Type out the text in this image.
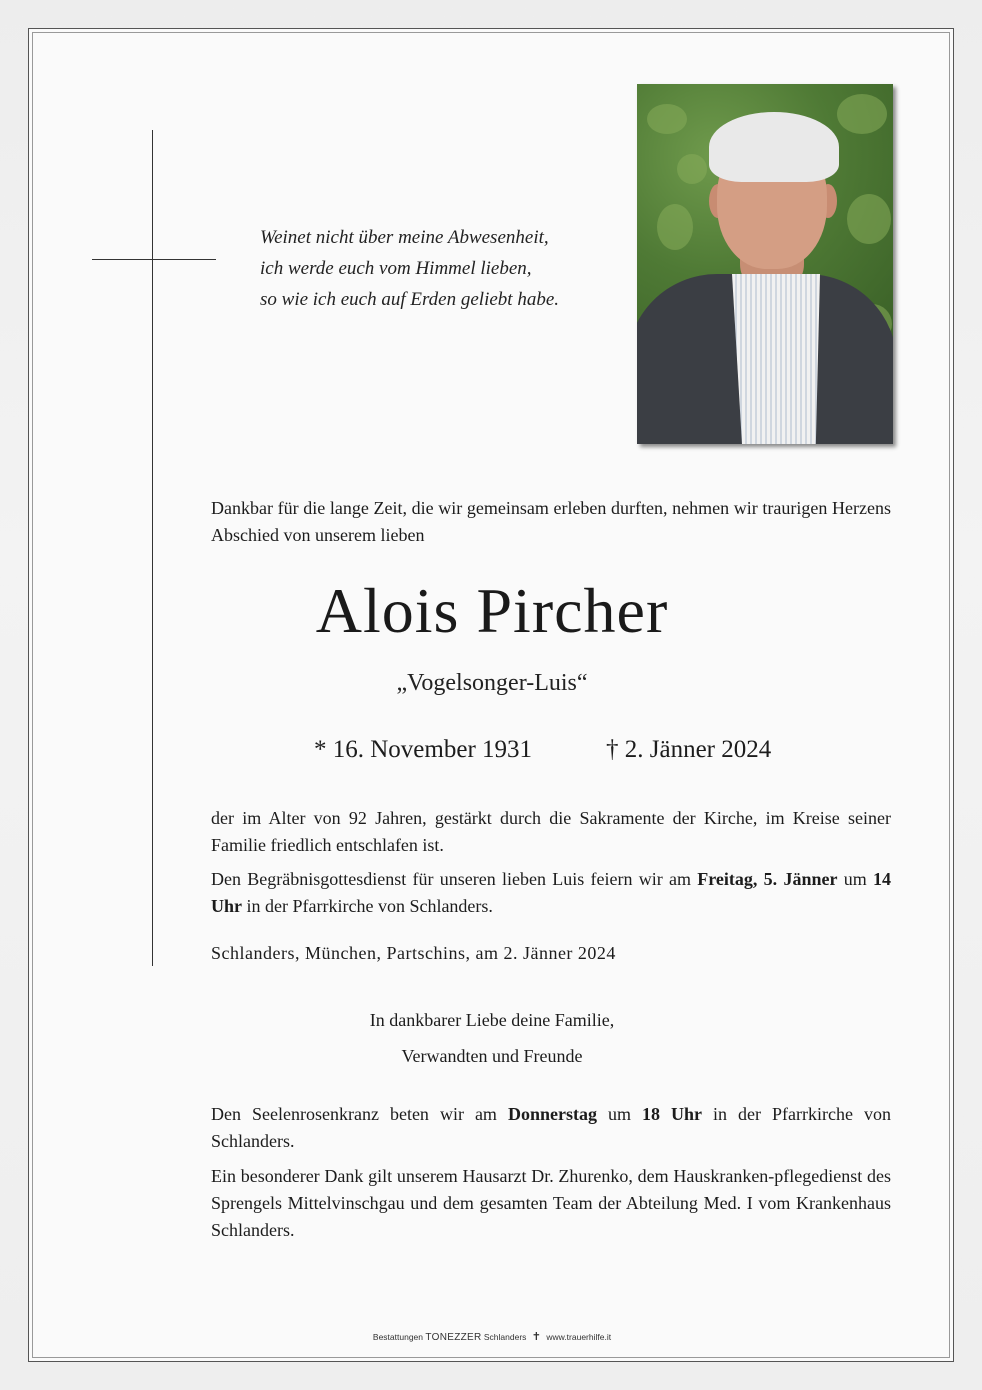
Weinet nicht über meine Abwesenheit,
ich werde euch vom Himmel lieben,
so wie ich euch auf Erden geliebt habe.
Dankbar für die lange Zeit, die wir gemeinsam erleben durften, nehmen wir traurigen Herzens Abschied von unserem lieben
Alois Pircher
„Vogelsonger-Luis“
* 16. November 1931	† 2. Jänner 2024
der im Alter von 92 Jahren, gestärkt durch die Sakramente der Kirche, im Kreise seiner Familie friedlich entschlafen ist.
Den Begräbnisgottesdienst für unseren lieben Luis feiern wir am Freitag, 5. Jänner um 14 Uhr in der Pfarrkirche von Schlanders.
Schlanders, München, Partschins, am 2. Jänner 2024
In dankbarer Liebe deine Familie,
Verwandten und Freunde
Den Seelenrosenkranz beten wir am Donnerstag um 18 Uhr in der Pfarrkirche von Schlanders.
Ein besonderer Dank gilt unserem Hausarzt Dr. Zhurenko, dem Hauskranken-pflegedienst des Sprengels Mittelvinschgau und dem gesamten Team der Abteilung Med. I vom Krankenhaus Schlanders.
Bestattungen TONEZZER Schlanders ✝ www.trauerhilfe.it
